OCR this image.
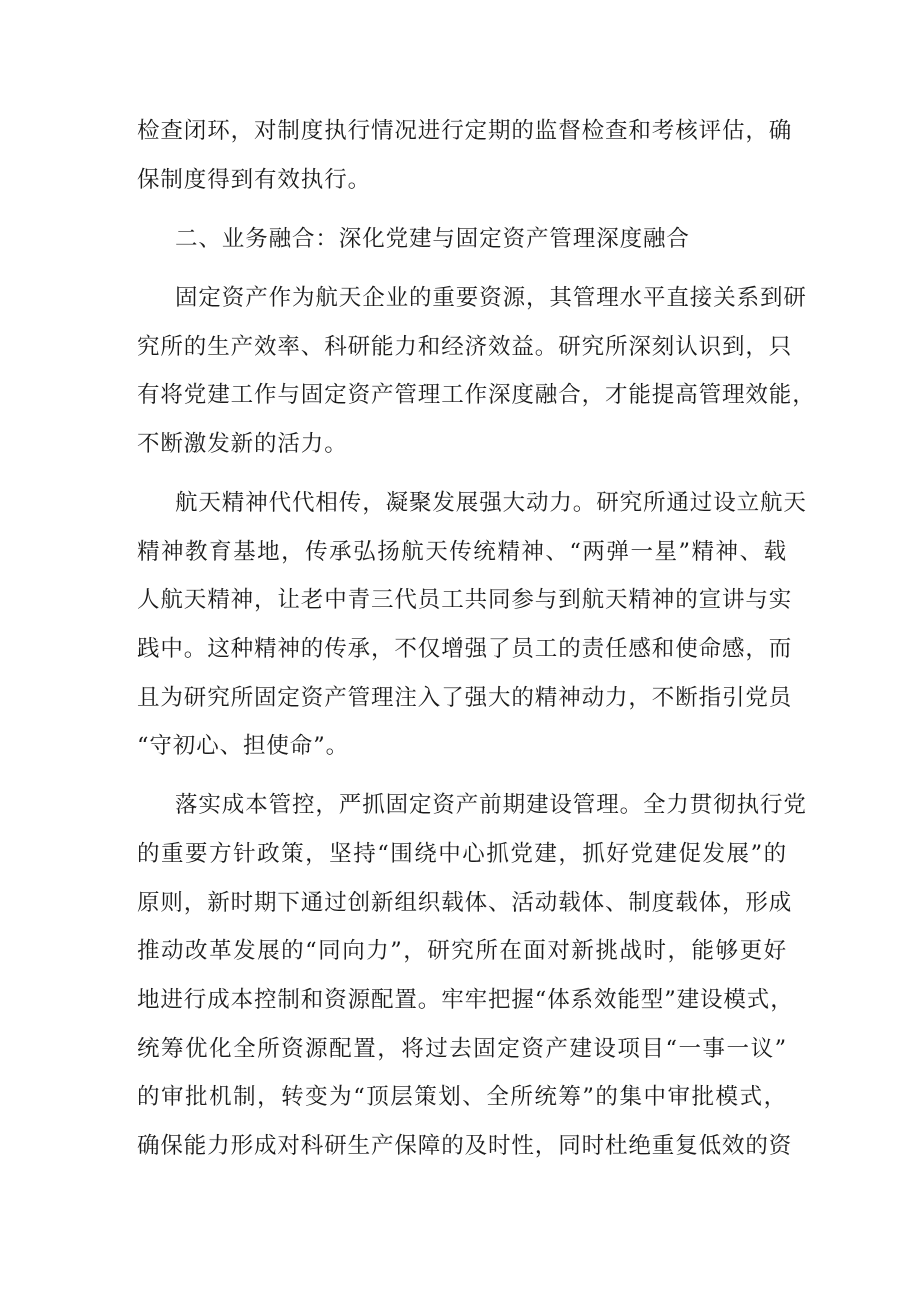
检查闭环，对制度执行情况进行定期的监督检查和考核评估，确
保制度得到有效执行。
二、业务融合：深化党建与固定资产管理深度融合
固定资产作为航天企业的重要资源，其管理水平直接关系到研
究所的生产效率、科研能力和经济效益。研究所深刻认识到，只
有将党建工作与固定资产管理工作深度融合，才能提高管理效能，
不断激发新的活力。
航天精神代代相传，凝聚发展强大动力。研究所通过设立航天
精神教育基地，传承弘扬航天传统精神、“两弹一星”精神、载
人航天精神，让老中青三代员工共同参与到航天精神的宣讲与实
践中。这种精神的传承，不仅增强了员工的责任感和使命感，而
且为研究所固定资产管理注入了强大的精神动力，不断指引党员
“守初心、担使命”。
落实成本管控，严抓固定资产前期建设管理。全力贯彻执行党
的重要方针政策，坚持“围绕中心抓党建，抓好党建促发展”的
原则，新时期下通过创新组织载体、活动载体、制度载体，形成
推动改革发展的“同向力”，研究所在面对新挑战时，能够更好
地进行成本控制和资源配置。牢牢把握“体系效能型”建设模式，
统筹优化全所资源配置，将过去固定资产建设项目“一事一议”
的审批机制，转变为“顶层策划、全所统筹”的集中审批模式，
确保能力形成对科研生产保障的及时性，同时杜绝重复低效的资
